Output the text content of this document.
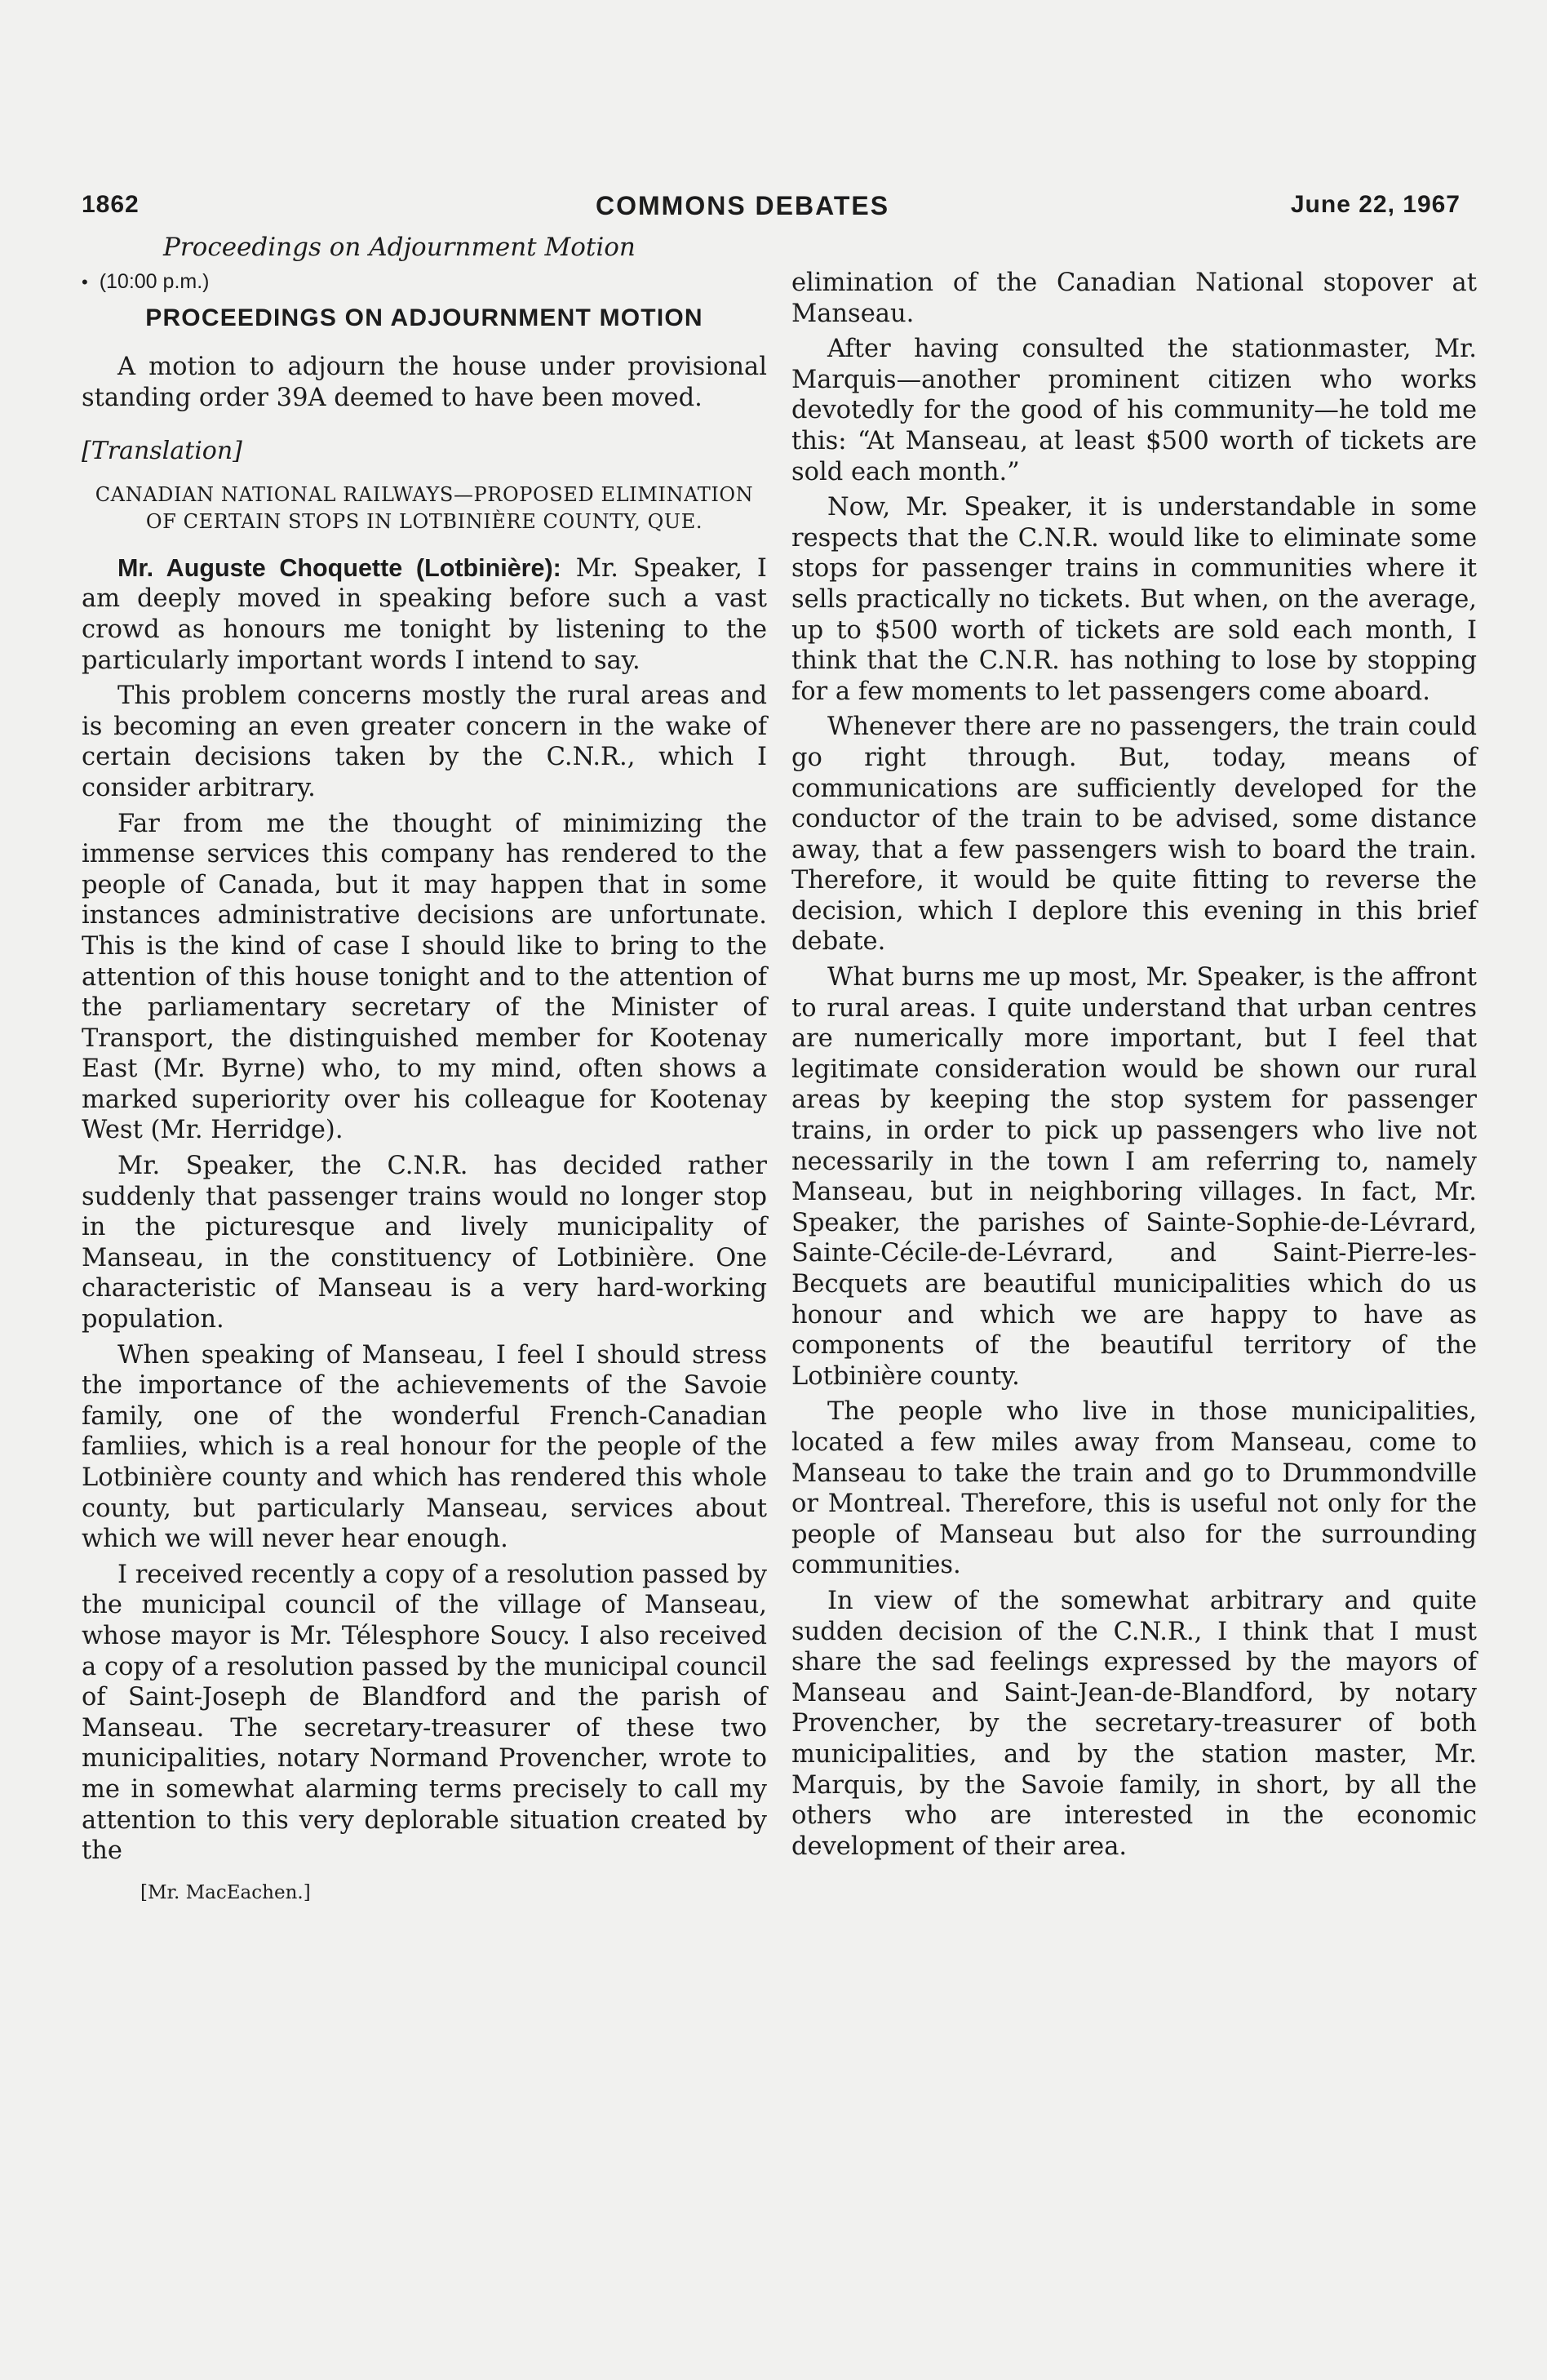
1862	COMMONS DEBATES	June 22, 1967

Proceedings on Adjournment Motion

• (10:00 p.m.)
PROCEEDINGS ON ADJOURNMENT MOTION

A motion to adjourn the house under provisional standing order 39A deemed to have been moved.

[Translation]
CANADIAN NATIONAL RAILWAYS—PROPOSED ELIMINATION OF CERTAIN STOPS IN LOTBINIÈRE COUNTY, QUE.

Mr. Auguste Choquette (Lotbinière): Mr. Speaker, I am deeply moved in speaking before such a vast crowd as honours me tonight by listening to the particularly important words I intend to say.

This problem concerns mostly the rural areas and is becoming an even greater concern in the wake of certain decisions taken by the C.N.R., which I consider arbitrary.

Far from me the thought of minimizing the immense services this company has rendered to the people of Canada, but it may happen that in some instances administrative decisions are unfortunate. This is the kind of case I should like to bring to the attention of this house tonight and to the attention of the parliamentary secretary of the Minister of Transport, the distinguished member for Kootenay East (Mr. Byrne) who, to my mind, often shows a marked superiority over his colleague for Kootenay West (Mr. Herridge).

Mr. Speaker, the C.N.R. has decided rather suddenly that passenger trains would no longer stop in the picturesque and lively municipality of Manseau, in the constituency of Lotbinière. One characteristic of Manseau is a very hard-working population.

When speaking of Manseau, I feel I should stress the importance of the achievements of the Savoie family, one of the wonderful French-Canadian famliies, which is a real honour for the people of the Lotbinière county and which has rendered this whole county, but particularly Manseau, services about which we will never hear enough.

I received recently a copy of a resolution passed by the municipal council of the village of Manseau, whose mayor is Mr. Télesphore Soucy. I also received a copy of a resolution passed by the municipal council of Saint-Joseph de Blandford and the parish of Manseau. The secretary-treasurer of these two municipalities, notary Normand Provencher, wrote to me in somewhat alarming terms precisely to call my attention to this very deplorable situation created by the

[Mr. MacEachen.]

elimination of the Canadian National stopover at Manseau.

After having consulted the stationmaster, Mr. Marquis—another prominent citizen who works devotedly for the good of his community—he told me this: “At Manseau, at least $500 worth of tickets are sold each month.”

Now, Mr. Speaker, it is understandable in some respects that the C.N.R. would like to eliminate some stops for passenger trains in communities where it sells practically no tickets. But when, on the average, up to $500 worth of tickets are sold each month, I think that the C.N.R. has nothing to lose by stopping for a few moments to let passengers come aboard.

Whenever there are no passengers, the train could go right through. But, today, means of communications are sufficiently developed for the conductor of the train to be advised, some distance away, that a few passengers wish to board the train. Therefore, it would be quite fitting to reverse the decision, which I deplore this evening in this brief debate.

What burns me up most, Mr. Speaker, is the affront to rural areas. I quite understand that urban centres are numerically more important, but I feel that legitimate consideration would be shown our rural areas by keeping the stop system for passenger trains, in order to pick up passengers who live not necessarily in the town I am referring to, namely Manseau, but in neighboring villages. In fact, Mr. Speaker, the parishes of Sainte-Sophie-de-Lévrard, Sainte-Cécile-de-Lévrard, and Saint-Pierre-les-Becquets are beautiful municipalities which do us honour and which we are happy to have as components of the beautiful territory of the Lotbinière county.

The people who live in those municipalities, located a few miles away from Manseau, come to Manseau to take the train and go to Drummondville or Montreal. Therefore, this is useful not only for the people of Manseau but also for the surrounding communities.

In view of the somewhat arbitrary and quite sudden decision of the C.N.R., I think that I must share the sad feelings expressed by the mayors of Manseau and Saint-Jean-de-Blandford, by notary Provencher, by the secretary-treasurer of both municipalities, and by the station master, Mr. Marquis, by the Savoie family, in short, by all the others who are interested in the economic development of their area.
